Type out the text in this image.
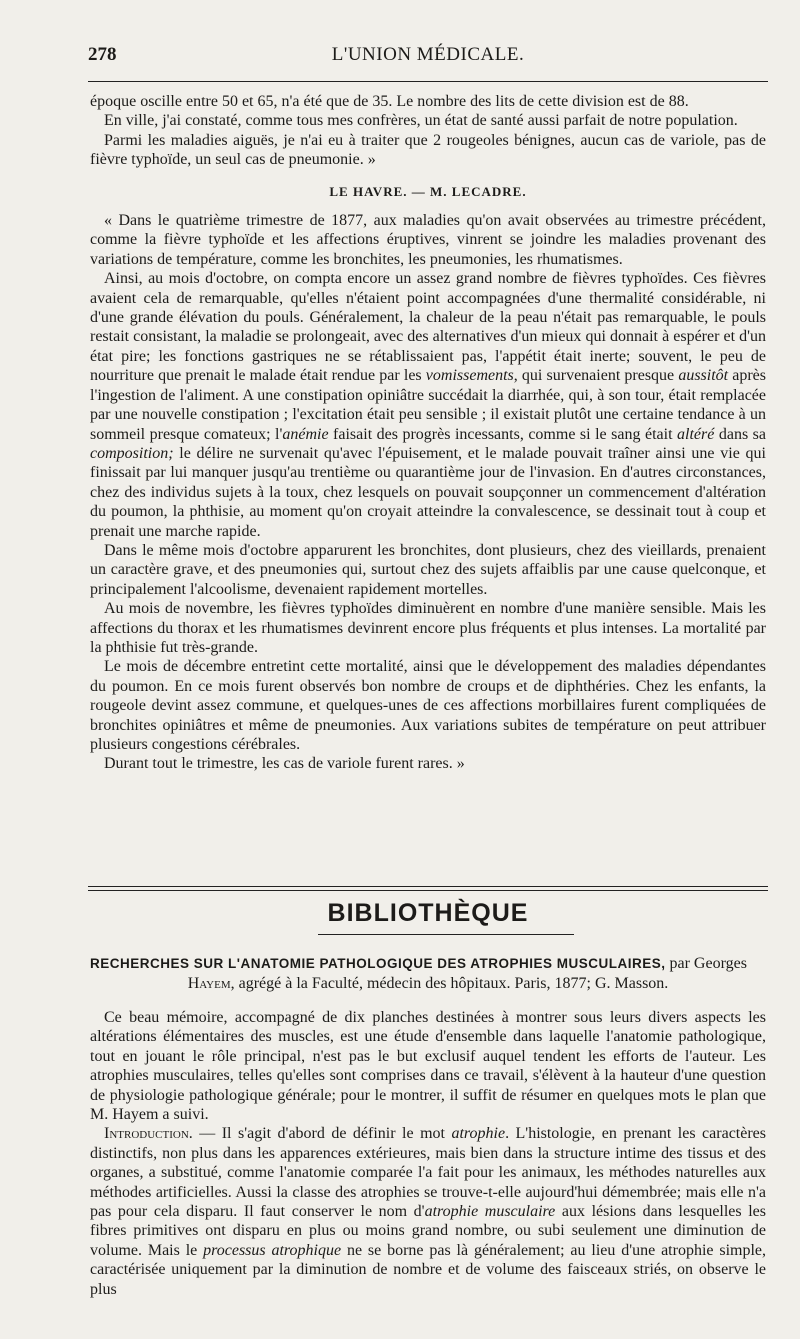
278	L'UNION MÉDICALE.

époque oscille entre 50 et 65, n'a été que de 35. Le nombre des lits de cette division est de 88.

En ville, j'ai constaté, comme tous mes confrères, un état de santé aussi parfait de notre population.

Parmi les maladies aiguës, je n'ai eu à traiter que 2 rougeoles bénignes, aucun cas de variole, pas de fièvre typhoïde, un seul cas de pneumonie. »

LE HAVRE. — M. LECADRE.

« Dans le quatrième trimestre de 1877, aux maladies qu'on avait observées au trimestre précédent, comme la fièvre typhoïde et les affections éruptives, vinrent se joindre les maladies provenant des variations de température, comme les bronchites, les pneumonies, les rhumatismes.

Ainsi, au mois d'octobre, on compta encore un assez grand nombre de fièvres typhoïdes. Ces fièvres avaient cela de remarquable, qu'elles n'étaient point accompagnées d'une thermalité considérable, ni d'une grande élévation du pouls. Généralement, la chaleur de la peau n'était pas remarquable, le pouls restait consistant, la maladie se prolongeait, avec des alternatives d'un mieux qui donnait à espérer et d'un état pire; les fonctions gastriques ne se rétablissaient pas, l'appétit était inerte; souvent, le peu de nourriture que prenait le malade était rendue par les vomissements, qui survenaient presque aussitôt après l'ingestion de l'aliment. A une constipation opiniâtre succédait la diarrhée, qui, à son tour, était remplacée par une nouvelle constipation ; l'excitation était peu sensible ; il existait plutôt une certaine tendance à un sommeil presque comateux; l'anémie faisait des progrès incessants, comme si le sang était altéré dans sa composition; le délire ne survenait qu'avec l'épuisement, et le malade pouvait traîner ainsi une vie qui finissait par lui manquer jusqu'au trentième ou quarantième jour de l'invasion. En d'autres circonstances, chez des individus sujets à la toux, chez lesquels on pouvait soupçonner un commencement d'altération du poumon, la phthisie, au moment qu'on croyait atteindre la convalescence, se dessinait tout à coup et prenait une marche rapide.

Dans le même mois d'octobre apparurent les bronchites, dont plusieurs, chez des vieillards, prenaient un caractère grave, et des pneumonies qui, surtout chez des sujets affaiblis par une cause quelconque, et principalement l'alcoolisme, devenaient rapidement mortelles.

Au mois de novembre, les fièvres typhoïdes diminuèrent en nombre d'une manière sensible. Mais les affections du thorax et les rhumatismes devinrent encore plus fréquents et plus intenses. La mortalité par la phthisie fut très-grande.

Le mois de décembre entretint cette mortalité, ainsi que le développement des maladies dépendantes du poumon. En ce mois furent observés bon nombre de croups et de diphthéries. Chez les enfants, la rougeole devint assez commune, et quelques-unes de ces affections morbillaires furent compliquées de bronchites opiniâtres et même de pneumonies. Aux variations subites de température on peut attribuer plusieurs congestions cérébrales.

Durant tout le trimestre, les cas de variole furent rares. »

BIBLIOTHÈQUE

RECHERCHES SUR L'ANATOMIE PATHOLOGIQUE DES ATROPHIES MUSCULAIRES, par Georges

Hayem, agrégé à la Faculté, médecin des hôpitaux. Paris, 1877; G. Masson.

Ce beau mémoire, accompagné de dix planches destinées à montrer sous leurs divers aspects les altérations élémentaires des muscles, est une étude d'ensemble dans laquelle l'anatomie pathologique, tout en jouant le rôle principal, n'est pas le but exclusif auquel tendent les efforts de l'auteur. Les atrophies musculaires, telles qu'elles sont comprises dans ce travail, s'élèvent à la hauteur d'une question de physiologie pathologique générale; pour le montrer, il suffit de résumer en quelques mots le plan que M. Hayem a suivi.

Introduction. — Il s'agit d'abord de définir le mot atrophie. L'histologie, en prenant les caractères distinctifs, non plus dans les apparences extérieures, mais bien dans la structure intime des tissus et des organes, a substitué, comme l'anatomie comparée l'a fait pour les animaux, les méthodes naturelles aux méthodes artificielles. Aussi la classe des atrophies se trouve-t-elle aujourd'hui démembrée; mais elle n'a pas pour cela disparu. Il faut conserver le nom d'atrophie musculaire aux lésions dans lesquelles les fibres primitives ont disparu en plus ou moins grand nombre, ou subi seulement une diminution de volume. Mais le processus atrophique ne se borne pas là généralement; au lieu d'une atrophie simple, caractérisée uniquement par la diminution de nombre et de volume des faisceaux striés, on observe le plus
